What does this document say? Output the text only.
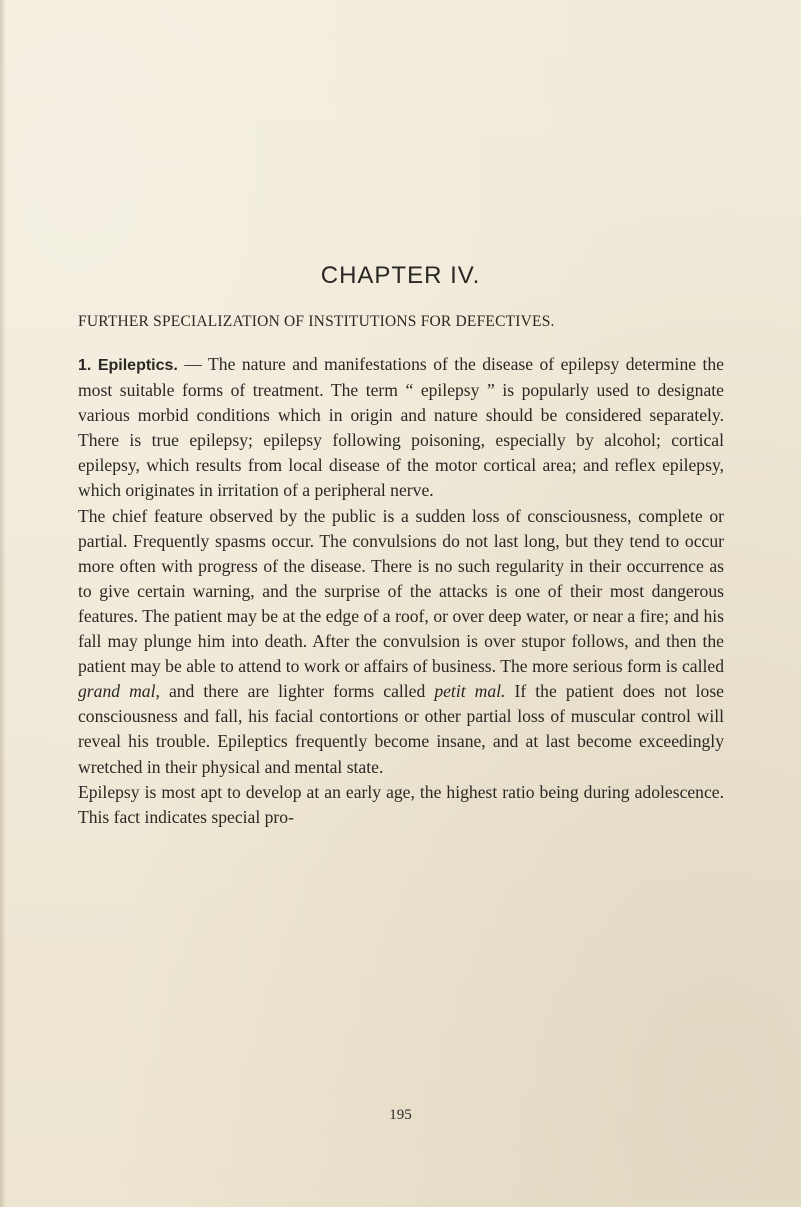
CHAPTER IV.
FURTHER SPECIALIZATION OF INSTITUTIONS FOR DEFECTIVES.

1. Epileptics. — The nature and manifestations of the disease of epilepsy determine the most suitable forms of treatment. The term “ epilepsy ” is popularly used to designate various morbid conditions which in origin and nature should be considered separately. There is true epilepsy; epilepsy following poisoning, especially by alcohol; cortical epilepsy, which results from local disease of the motor cortical area; and reflex epilepsy, which originates in irritation of a peripheral nerve.

The chief feature observed by the public is a sudden loss of consciousness, complete or partial. Frequently spasms occur. The convulsions do not last long, but they tend to occur more often with progress of the disease. There is no such regularity in their occurrence as to give certain warning, and the surprise of the attacks is one of their most dangerous features. The patient may be at the edge of a roof, or over deep water, or near a fire; and his fall may plunge him into death. After the convulsion is over stupor follows, and then the patient may be able to attend to work or affairs of business. The more serious form is called grand mal, and there are lighter forms called petit mal. If the patient does not lose consciousness and fall, his facial contortions or other partial loss of muscular control will reveal his trouble. Epileptics frequently become insane, and at last become exceedingly wretched in their physical and mental state.

Epilepsy is most apt to develop at an early age, the highest ratio being during adolescence. This fact indicates special pro-

195
